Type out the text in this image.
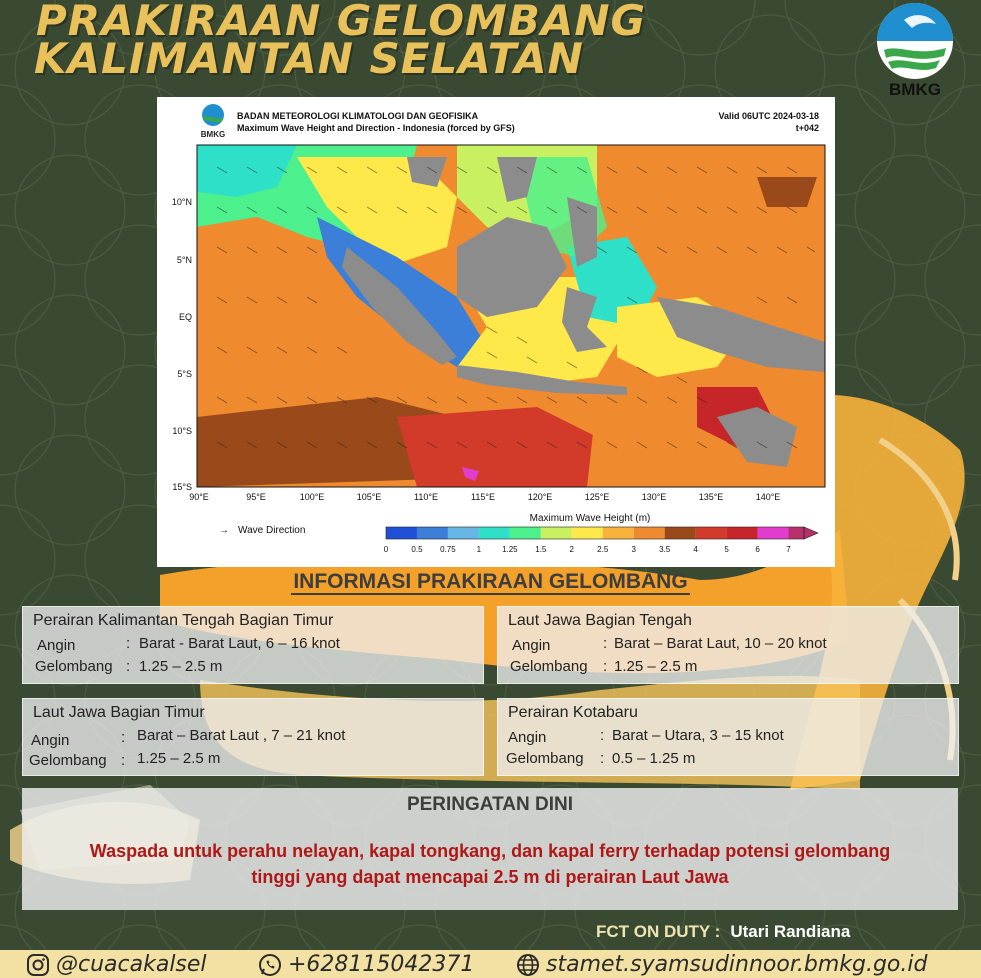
PRAKIRAAN GELOMBANG
KALIMANTAN SELATAN
BMKG
BMKG
BADAN METEOROLOGI KLIMATOLOGI DAN GEOFISIKA
Maximum Wave Height and Direction - Indonesia (forced by GFS)
Valid 06UTC 2024-03-18
t+042
10°N
5°N
EQ
5°S
10°S
15°S
90°E	95°E	100°E	105°E	110°E	115°E	120°E	125°E	130°E	135°E	140°E
→ Wave Direction
Maximum Wave Height (m)
0	0.5 0.75	1	1.25 1.5	2	2.5	3	3.5	4	5	6	7
INFORMASI PRAKIRAAN GELOMBANG
Perairan Kalimantan Tengah Bagian Timur
Angin	: Barat - Barat Laut, 6 – 16 knot
Gelombang : 1.25 – 2.5 m
Laut Jawa Bagian Tengah
Angin	: Barat – Barat Laut, 10 – 20 knot
Gelombang : 1.25 – 2.5 m
Laut Jawa Bagian Timur
Angin	: Barat – Barat Laut , 7 – 21 knot
Gelombang : 1.25 – 2.5 m
Perairan Kotabaru
Angin	: Barat – Utara, 3 – 15 knot
Gelombang : 0.5 – 1.25 m
PERINGATAN DINI
Waspada untuk perahu nelayan, kapal tongkang, dan kapal ferry terhadap potensi gelombang
tinggi yang dapat mencapai 2.5 m di perairan Laut Jawa
FCT ON DUTY : Utari Randiana
@cuacakalsel	+628115042371	stamet.syamsudinnoor.bmkg.go.id
